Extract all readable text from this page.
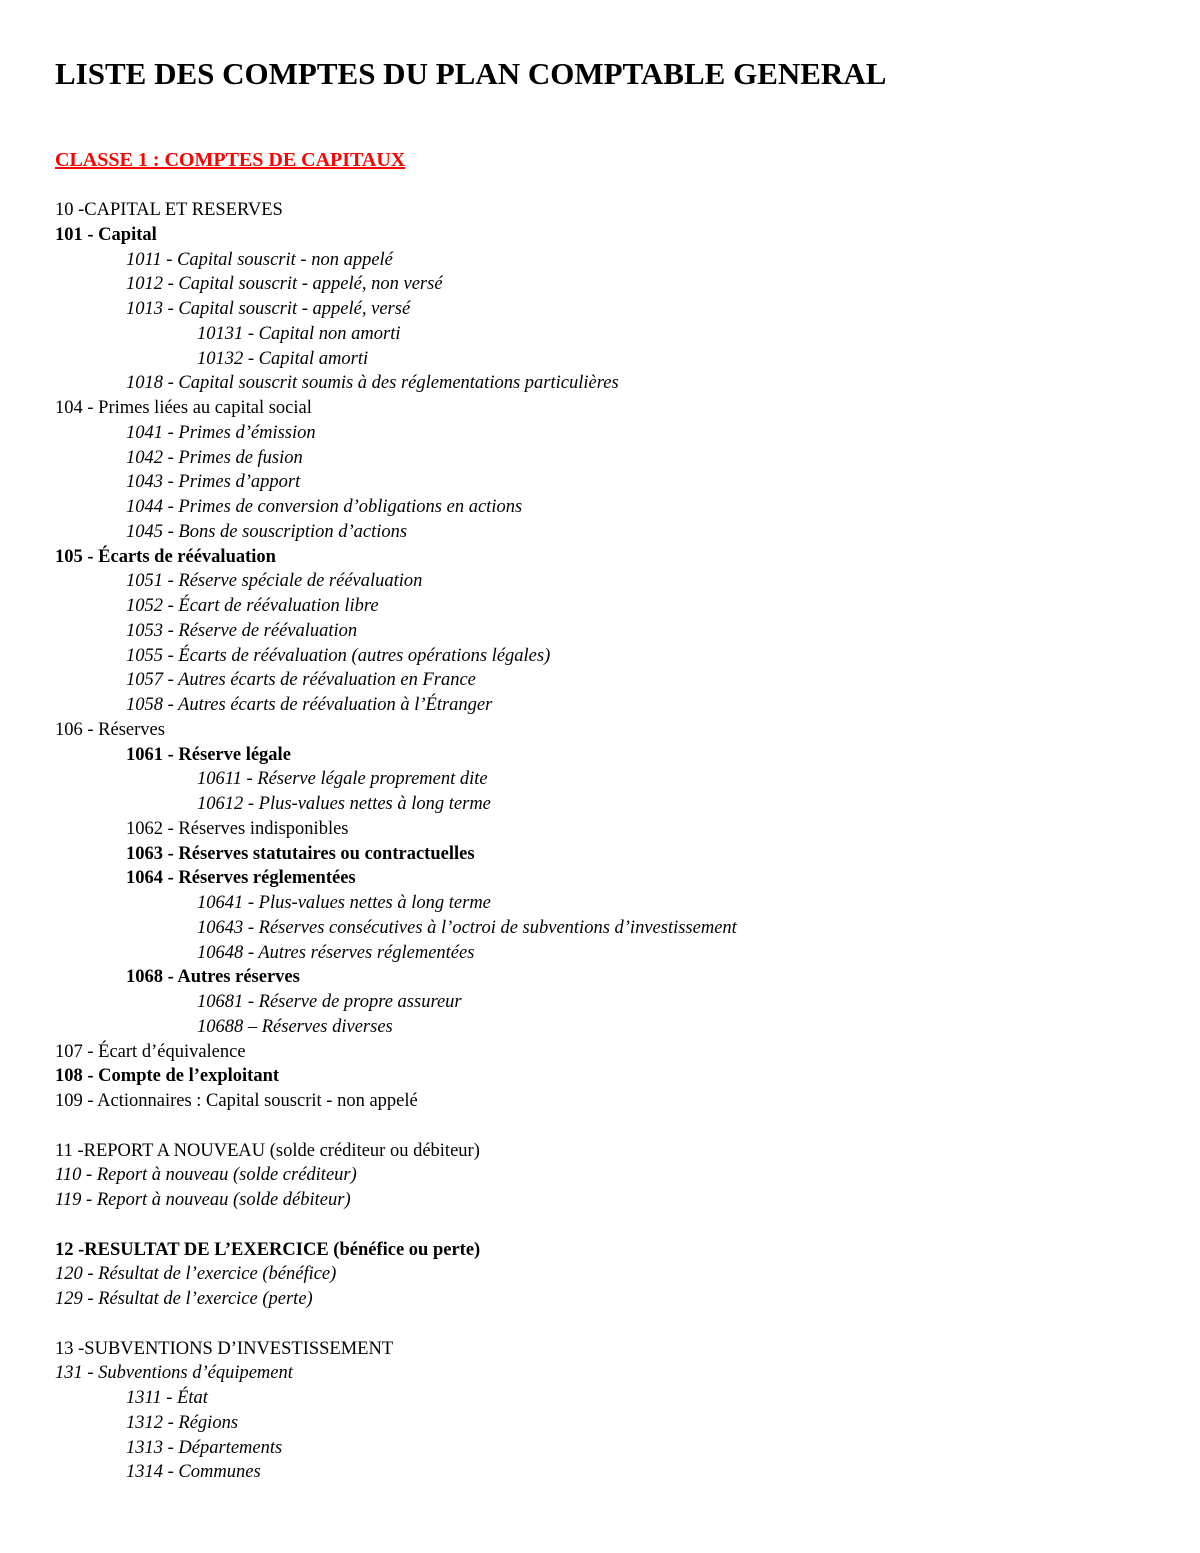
LISTE DES COMPTES DU PLAN COMPTABLE GENERAL
CLASSE 1 : COMPTES DE CAPITAUX
10 -CAPITAL ET RESERVES
101 - Capital
1011 - Capital souscrit - non appelé
1012 - Capital souscrit - appelé, non versé
1013 - Capital souscrit - appelé, versé
10131 - Capital non amorti
10132 - Capital amorti
1018 - Capital souscrit soumis à des réglementations particulières
104 - Primes liées au capital social
1041 - Primes d’émission
1042 - Primes de fusion
1043 - Primes d’apport
1044 - Primes de conversion d’obligations en actions
1045 - Bons de souscription d’actions
105 - Écarts de réévaluation
1051 - Réserve spéciale de réévaluation
1052 - Écart de réévaluation libre
1053 - Réserve de réévaluation
1055 - Écarts de réévaluation (autres opérations légales)
1057 - Autres écarts de réévaluation en France
1058 - Autres écarts de réévaluation à l’Étranger
106 - Réserves
1061 - Réserve légale
10611 - Réserve légale proprement dite
10612 - Plus-values nettes à long terme
1062 - Réserves indisponibles
1063 - Réserves statutaires ou contractuelles
1064 - Réserves réglementées
10641 - Plus-values nettes à long terme
10643 - Réserves consécutives à l’octroi de subventions d’investissement
10648 - Autres réserves réglementées
1068 - Autres réserves
10681 - Réserve de propre assureur
10688 – Réserves diverses
107 - Écart d’équivalence
108 - Compte de l’exploitant
109 - Actionnaires : Capital souscrit - non appelé
11 -REPORT A NOUVEAU (solde créditeur ou débiteur)
110 - Report à nouveau (solde créditeur)
119 - Report à nouveau (solde débiteur)
12 -RESULTAT DE L’EXERCICE (bénéfice ou perte)
120 - Résultat de l’exercice (bénéfice)
129 - Résultat de l’exercice (perte)
13 -SUBVENTIONS D’INVESTISSEMENT
131 - Subventions d’équipement
1311 - État
1312 - Régions
1313 - Départements
1314 - Communes
